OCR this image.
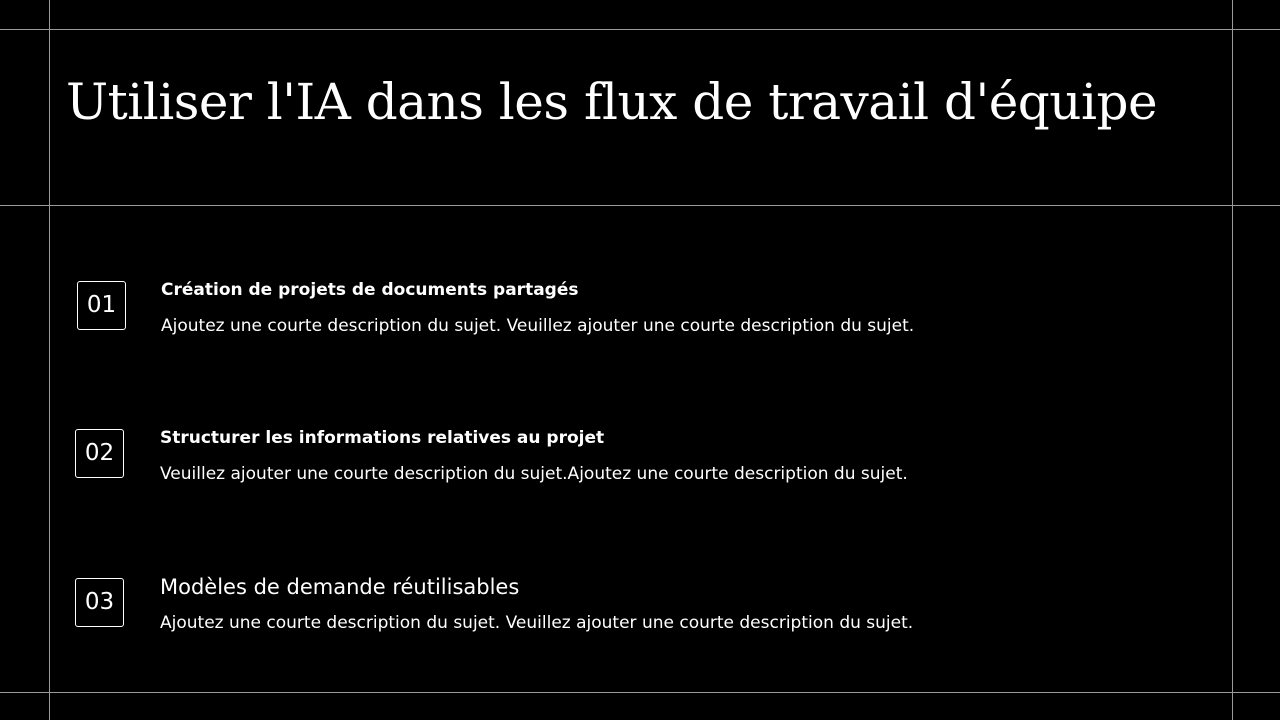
Utiliser l'IA dans les flux de travail d'équipe
01
Création de projets de documents partagés
Ajoutez une courte description du sujet. Veuillez ajouter une courte description du sujet.
02
Structurer les informations relatives au projet
Veuillez ajouter une courte description du sujet.Ajoutez une courte description du sujet.
03
Modèles de demande réutilisables
Ajoutez une courte description du sujet. Veuillez ajouter une courte description du sujet.
